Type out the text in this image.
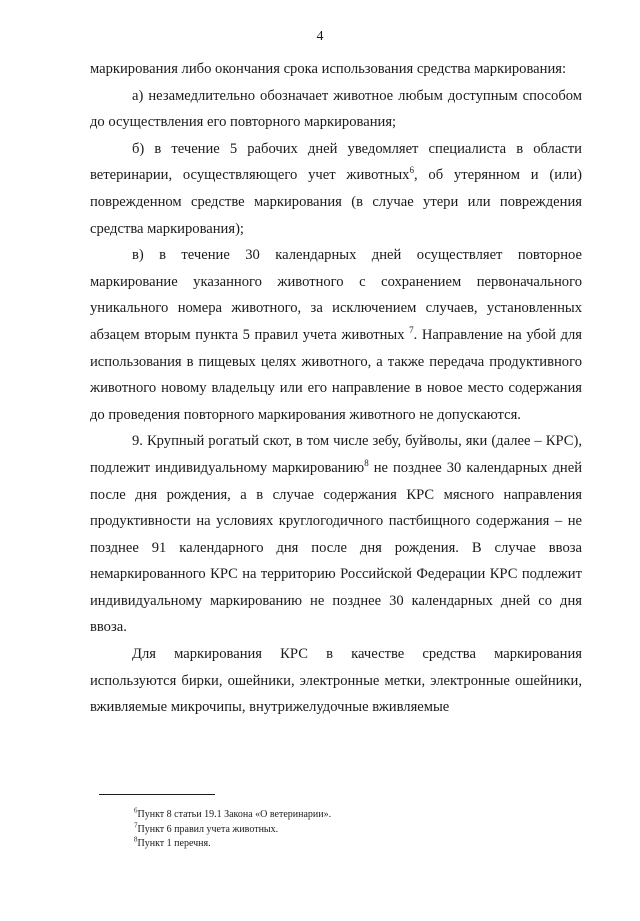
4

маркирования либо окончания срока использования средства маркирования:

а) незамедлительно обозначает животное любым доступным способом до осуществления его повторного маркирования;

б) в течение 5 рабочих дней уведомляет специалиста в области ветеринарии, осуществляющего учет животных$^6$, об утерянном и (или) поврежденном средстве маркирования (в случае утери или повреждения средства маркирования);

в) в течение 30 календарных дней осуществляет повторное маркирование указанного животного с сохранением первоначального уникального номера животного, за исключением случаев, установленных абзацем вторым пункта 5 правил учета животных $^7$. Направление на убой для использования в пищевых целях животного, а также передача продуктивного животного новому владельцу или его направление в новое место содержания до проведения повторного маркирования животного не допускаются.

9. Крупный рогатый скот, в том числе зебу, буйволы, яки (далее – КРС), подлежит индивидуальному маркированию$^8$ не позднее 30 календарных дней после дня рождения, а в случае содержания КРС мясного направления продуктивности на условиях круглогодичного пастбищного содержания – не позднее 91 календарного дня после дня рождения. В случае ввоза немаркированного КРС на территорию Российской Федерации КРС подлежит индивидуальному маркированию не позднее 30 календарных дней со дня ввоза.

Для маркирования КРС в качестве средства маркирования используются бирки, ошейники, электронные метки, электронные ошейники, вживляемые микрочипы, внутрижелудочные вживляемые

$^6$Пункт 8 статьи 19.1 Закона «О ветеринарии».

$^7$Пункт 6 правил учета животных.

$^8$Пункт 1 перечня.
